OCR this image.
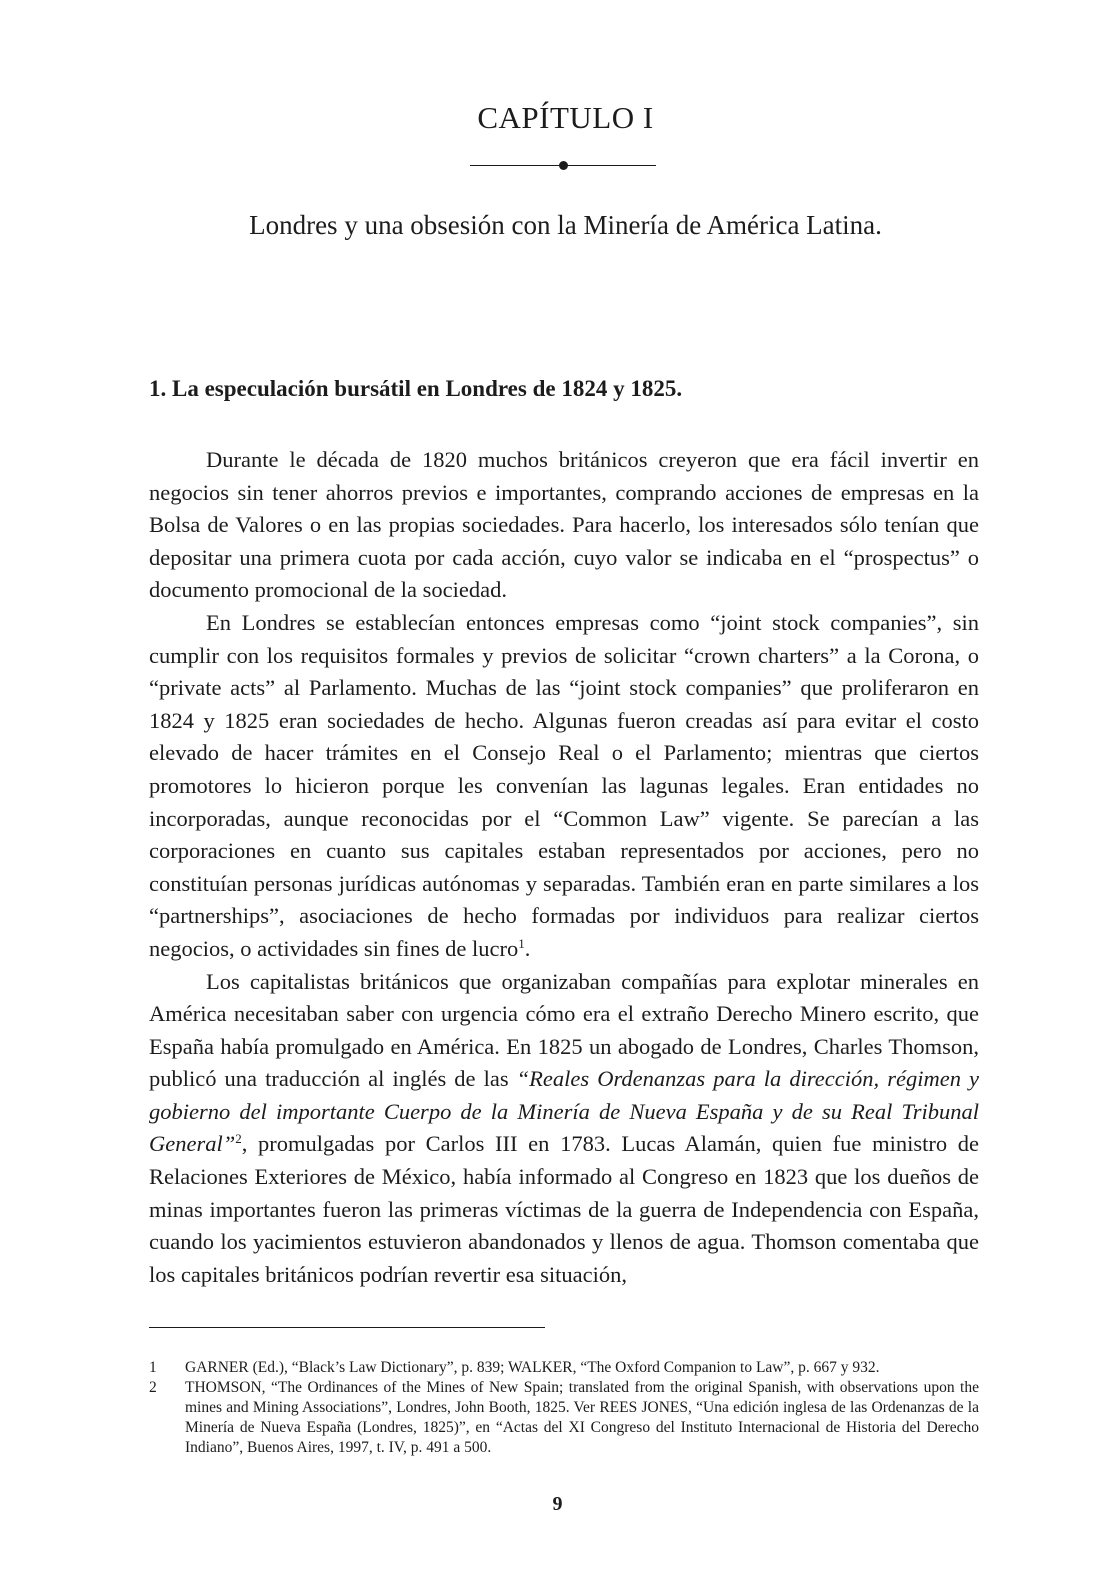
CAPÍTULO I
Londres y una obsesión con la Minería de América Latina.
1. La especulación bursátil en Londres de 1824 y 1825.

Durante le década de 1820 muchos británicos creyeron que era fácil invertir en negocios sin tener ahorros previos e importantes, comprando acciones de empresas en la Bolsa de Valores o en las propias sociedades. Para hacerlo, los interesados sólo tenían que depositar una primera cuota por cada acción, cuyo valor se indicaba en el “prospectus” o documento promocional de la sociedad.

En Londres se establecían entonces empresas como “joint stock companies”, sin cumplir con los requisitos formales y previos de solicitar “crown charters” a la Corona, o “private acts” al Parlamento. Muchas de las “joint stock companies” que proliferaron en 1824 y 1825 eran sociedades de hecho. Algunas fueron creadas así para evitar el costo elevado de hacer trámites en el Consejo Real o el Parlamento; mientras que ciertos promotores lo hicieron porque les convenían las lagunas legales. Eran entidades no incorporadas, aunque reconocidas por el “Common Law” vigente. Se parecían a las corporaciones en cuanto sus capitales estaban representados por acciones, pero no constituían personas jurídicas autónomas y separadas. También eran en parte similares a los “partnerships”, asociaciones de hecho formadas por individuos para realizar ciertos negocios, o actividades sin fines de lucro$^1$.

Los capitalistas británicos que organizaban compañías para explotar minerales en América necesitaban saber con urgencia cómo era el extraño Derecho Minero escrito, que España había promulgado en América. En 1825 un abogado de Londres, Charles Thomson, publicó una traducción al inglés de las “Reales Ordenanzas para la dirección, régimen y gobierno del importante Cuerpo de la Minería de Nueva España y de su Real Tribunal General”$^2$, promulgadas por Carlos III en 1783. Lucas Alamán, quien fue ministro de Relaciones Exteriores de México, había informado al Congreso en 1823 que los dueños de minas importantes fueron las primeras víctimas de la guerra de Independencia con España, cuando los yacimientos estuvieron abandonados y llenos de agua. Thomson comentaba que los capitales británicos podrían revertir esa situación,

1	GARNER (Ed.), “Black’s Law Dictionary”, p. 839; WALKER, “The Oxford Companion to Law”, p. 667 y 932.
2	THOMSON, “The Ordinances of the Mines of New Spain; translated from the original Spanish, with observations upon the mines and Mining Associations”, Londres, John Booth, 1825. Ver REES JONES, “Una edición inglesa de las Ordenanzas de la Minería de Nueva España (Londres, 1825)”, en “Actas del XI Congreso del Instituto Internacional de Historia del Derecho Indiano”, Buenos Aires, 1997, t. IV, p. 491 a 500.
9
